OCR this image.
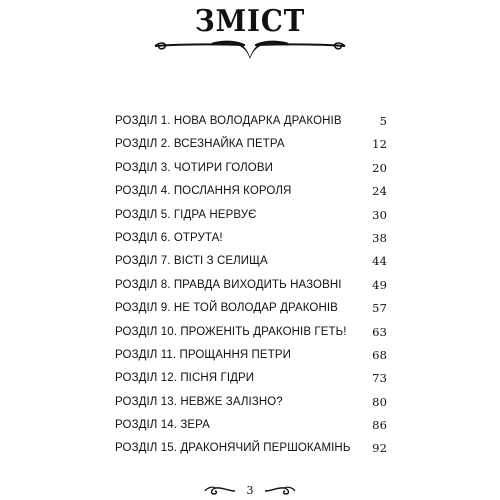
ЗМІСТ
РОЗДІЛ 1. НОВА ВОЛОДАРКА ДРАКОНІВ	5
РОЗДІЛ 2. ВСЕЗНАЙКА ПЕТРА	12
РОЗДІЛ 3. ЧОТИРИ ГОЛОВИ	20
РОЗДІЛ 4. ПОСЛАННЯ КОРОЛЯ	24
РОЗДІЛ 5. ГІДРА НЕРВУЄ	30
РОЗДІЛ 6. ОТРУТА!	38
РОЗДІЛ 7. ВІСТІ З СЕЛИЩА	44
РОЗДІЛ 8. ПРАВДА ВИХОДИТЬ НАЗОВНІ	49
РОЗДІЛ 9. НЕ ТОЙ ВОЛОДАР ДРАКОНІВ	57
РОЗДІЛ 10. ПРОЖЕНІТЬ ДРАКОНІВ ГЕТЬ! 63
РОЗДІЛ 11. ПРОЩАННЯ ПЕТРИ	68
РОЗДІЛ 12. ПІСНЯ ГІДРИ	73
РОЗДІЛ 13. НЕВЖЕ ЗАЛІЗНО?	80
РОЗДІЛ 14. ЗЕРА	86
РОЗДІЛ 15. ДРАКОНЯЧИЙ ПЕРШОКАМІНЬ 92
3
